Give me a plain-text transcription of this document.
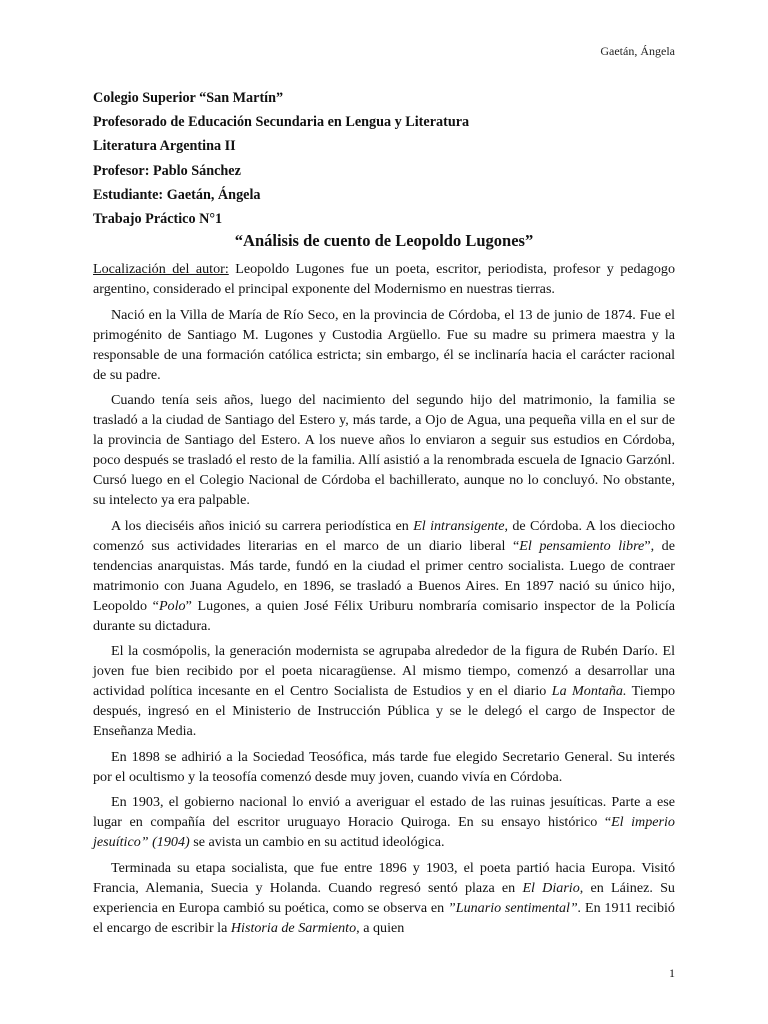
Gaetán, Ángela
Colegio Superior “San Martín”
Profesorado de Educación Secundaria en Lengua y Literatura
Literatura Argentina II
Profesor: Pablo Sánchez
Estudiante: Gaetán, Ángela
Trabajo Práctico N°1
“Análisis de cuento de Leopoldo Lugones”

Localización del autor: Leopoldo Lugones fue un poeta, escritor, periodista, profesor y pedagogo argentino, considerado el principal exponente del Modernismo en nuestras tierras.

Nació en la Villa de María de Río Seco, en la provincia de Córdoba, el 13 de junio de 1874. Fue el primogénito de Santiago M. Lugones y Custodia Argüello. Fue su madre su primera maestra y la responsable de una formación católica estricta; sin embargo, él se inclinaría hacia el carácter racional de su padre.

Cuando tenía seis años, luego del nacimiento del segundo hijo del matrimonio, la familia se trasladó a la ciudad de Santiago del Estero y, más tarde, a Ojo de Agua, una pequeña villa en el sur de la provincia de Santiago del Estero. A los nueve años lo enviaron a seguir sus estudios en Córdoba, poco después se trasladó el resto de la familia. Allí asistió a la renombrada escuela de Ignacio Garzónl. Cursó luego en el Colegio Nacional de Córdoba el bachillerato, aunque no lo concluyó. No obstante, su intelecto ya era palpable.

A los dieciséis años inició su carrera periodística en El intransigente, de Córdoba. A los dieciocho comenzó sus actividades literarias en el marco de un diario liberal “El pensamiento libre”, de tendencias anarquistas. Más tarde, fundó en la ciudad el primer centro socialista. Luego de contraer matrimonio con Juana Agudelo, en 1896, se trasladó a Buenos Aires. En 1897 nació su único hijo, Leopoldo “Polo” Lugones, a quien José Félix Uriburu nombraría comisario inspector de la Policía durante su dictadura.

El la cosmópolis, la generación modernista se agrupaba alrededor de la figura de Rubén Darío. El joven fue bien recibido por el poeta nicaragüense. Al mismo tiempo, comenzó a desarrollar una actividad política incesante en el Centro Socialista de Estudios y en el diario La Montaña. Tiempo después, ingresó en el Ministerio de Instrucción Pública y se le delegó el cargo de Inspector de Enseñanza Media.

En 1898 se adhirió a la Sociedad Teosófica, más tarde fue elegido Secretario General. Su interés por el ocultismo y la teosofía comenzó desde muy joven, cuando vivía en Córdoba.

En 1903, el gobierno nacional lo envió a averiguar el estado de las ruinas jesuíticas. Parte a ese lugar en compañía del escritor uruguayo Horacio Quiroga. En su ensayo histórico “El imperio jesuítico” (1904) se avista un cambio en su actitud ideológica.

Terminada su etapa socialista, que fue entre 1896 y 1903, el poeta partió hacia Europa. Visitó Francia, Alemania, Suecia y Holanda. Cuando regresó sentó plaza en El Diario, en Láinez. Su experiencia en Europa cambió su poética, como se observa en ”Lunario sentimental”. En 1911 recibió el encargo de escribir la Historia de Sarmiento, a quien

1
